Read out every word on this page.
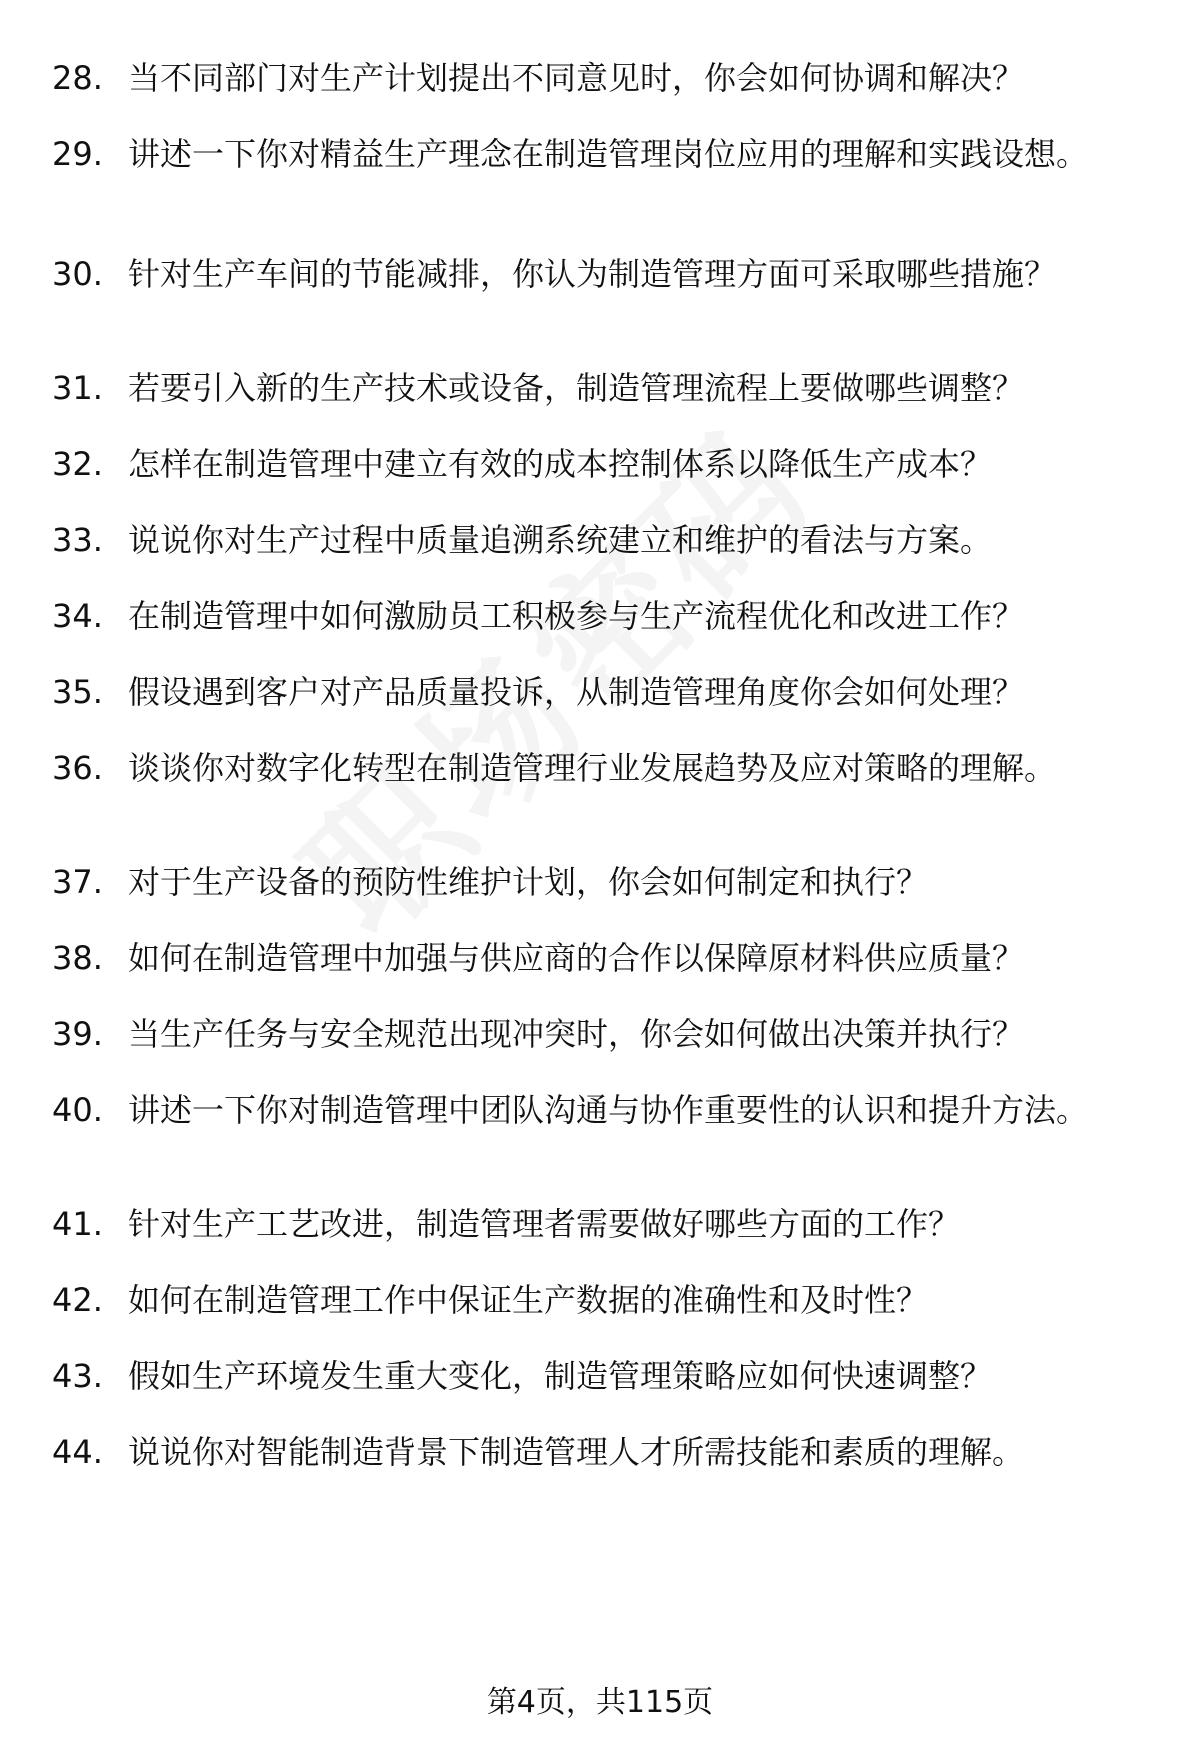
28. 当不同部门对生产计划提出不同意见时，你会如何协调和解决？
29. 讲述一下你对精益生产理念在制造管理岗位应用的理解和实践设想。
30. 针对生产车间的节能减排，你认为制造管理方面可采取哪些措施？
31. 若要引入新的生产技术或设备，制造管理流程上要做哪些调整？
32. 怎样在制造管理中建立有效的成本控制体系以降低生产成本？
33. 说说你对生产过程中质量追溯系统建立和维护的看法与方案。
34. 在制造管理中如何激励员工积极参与生产流程优化和改进工作？
35. 假设遇到客户对产品质量投诉，从制造管理角度你会如何处理？
36. 谈谈你对数字化转型在制造管理行业发展趋势及应对策略的理解。
37. 对于生产设备的预防性维护计划，你会如何制定和执行？
38. 如何在制造管理中加强与供应商的合作以保障原材料供应质量？
39. 当生产任务与安全规范出现冲突时，你会如何做出决策并执行？
40. 讲述一下你对制造管理中团队沟通与协作重要性的认识和提升方法。
41. 针对生产工艺改进，制造管理者需要做好哪些方面的工作？
42. 如何在制造管理工作中保证生产数据的准确性和及时性？
43. 假如生产环境发生重大变化，制造管理策略应如何快速调整？
44. 说说你对智能制造背景下制造管理人才所需技能和素质的理解。
第4页，共115页
